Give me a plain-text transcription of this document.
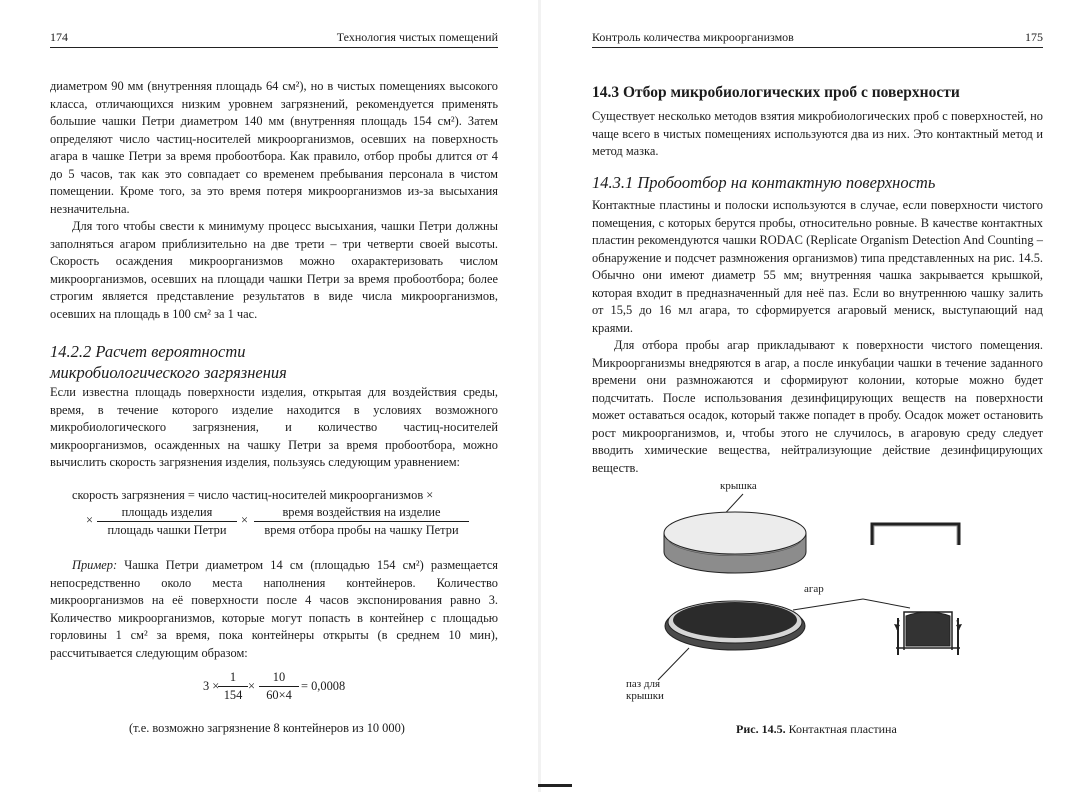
174	Технология чистых помещений

диаметром 90 мм (внутренняя площадь 64 см²), но в чистых помещениях высокого класса, отличающихся низким уровнем загрязнений, рекомендуется применять большие чашки Петри диаметром 140 мм (внутренняя площадь 154 см²). Затем определяют число частиц-носителей микроорганизмов, осевших на поверхность агара в чашке Петри за время пробоотбора. Как правило, отбор пробы длится от 4 до 5 часов, так как это совпадает со временем пребывания персонала в чистом помещении. Кроме того, за это время потеря микроорганизмов из-за высыхания незначительна.

Для того чтобы свести к минимуму процесс высыхания, чашки Петри должны заполняться агаром приблизительно на две трети – три четверти своей высоты. Скорость осаждения микроорганизмов можно охарактеризовать числом микроорганизмов, осевших на площади чашки Петри за время пробоотбора; более строгим является представление результатов в виде числа микроорганизмов, осевших на площадь в 100 см² за 1 час.

14.2.2 Расчет вероятности
микробиологического загрязнения
Если известна площадь поверхности изделия, открытая для воздействия среды, время, в течение которого изделие находится в условиях возможного микробиологического загрязнения, и количество частиц-носителей микроорганизмов, осажденных на чашку Петри за время пробоотбора, можно вычислить скорость загрязнения изделия, пользуясь следующим уравнением:
скорость загрязнения = число частиц-носителей микроорганизмов ×
×
площадь изделия
площадь чашки Петри
×
время воздействия на изделие
время отбора пробы на чашку Петри
Пример: Чашка Петри диаметром 14 см (площадью 154 см²) размещается непосредственно около места наполнения контейнеров. Количество микроорганизмов на её поверхности после 4 часов экспонирования равно 3. Количество микроорганизмов, которые могут попасть в контейнер с площадью горловины 1 см² за время, пока контейнеры открыты (в среднем 10 мин), рассчитывается следующим образом:
3 ×
$\frac{1}{154} \times \frac{10}{60\times 4} = 0,0008$
(т.е. возможно загрязнение 8 контейнеров из 10 000)
Контроль количества микроорганизмов	175
14.3 Отбор микробиологических проб с поверхности
Существует несколько методов взятия микробиологических проб с поверхностей, но чаще всего в чистых помещениях используются два из них. Это контактный метод и метод мазка.
14.3.1 Пробоотбор на контактную поверхность

Контактные пластины и полоски используются в случае, если поверхности чистого помещения, с которых берутся пробы, относительно ровные. В качестве контактных пластин рекомендуются чашки RODAC (Replicate Organism Detection And Counting – обнаружение и подсчет размножения организмов) типа представленных на рис. 14.5. Обычно они имеют диаметр 55 мм; внутренняя чашка закрывается крышкой, которая входит в предназначенный для неё паз. Если во внутреннюю чашку залить от 15,5 до 16 мл агара, то сформируется агаровый мениск, выступающий над краями.

Для отбора пробы агар прикладывают к поверхности чистого помещения. Микроорганизмы внедряются в агар, а после инкубации чашки в течение заданного времени они размножаются и сформируют колонии, которые можно будет подсчитать. После использования дезинфицирующих веществ на поверхности может оставаться осадок, который также попадет в пробу. Осадок может остановить рост микроорганизмов, и, чтобы этого не случилось, в агаровую среду следует вводить химические вещества, нейтрализующие действие дезинфицирующих веществ.

крышка
агар
паз для
крышки
Рис. 14.5. Контактная пластина
